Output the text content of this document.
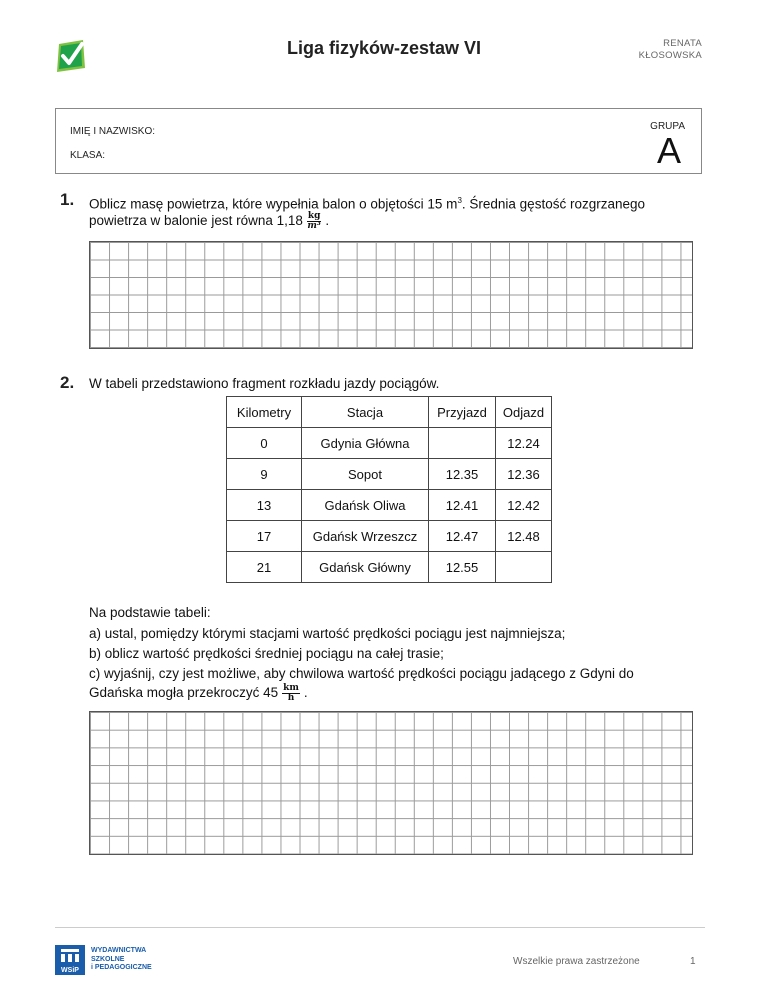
Liga fizyków-zestaw VI	RENATA
KŁOSOWSKA
IMIĘ I NAZWISKO:
KLASA:
GRUPA
A
1. Oblicz masę powietrza, które wypełnia balon o objętości 15 $m^3$. Średnia gęstość rozgrzanego
powietrza w balonie jest równa $1,18 \frac{kg}{\text{m³}}$ .
2. W tabeli przedstawiono fragment rozkładu jazdy pociągów.
Kilometry	Stacja	Przyjazd	Odjazd
0	Gdynia Główna		12.24
9	Sopot	12.35	12.36
13	Gdańsk Oliwa	12.41	12.42
17	Gdańsk Wrzeszcz	12.47	12.48
21	Gdańsk Główny	12.55	
Na podstawie tabeli:
a) ustal, pomiędzy którymi stacjami wartość prędkości pociągu jest najmniejsza;
b) oblicz wartość prędkości średniej pociągu na całej trasie;
c) wyjaśnij, czy jest możliwe, aby chwilowa wartość prędkości pociągu jadącego z Gdyni do
Gdańska mogła przekroczyć $45 \frac{km}{h}$ .
WSiP
WYDAWNICTWA
SZKOLNE
i PEDAGOGICZNE
Wszelkie prawa zastrzeżone	1
